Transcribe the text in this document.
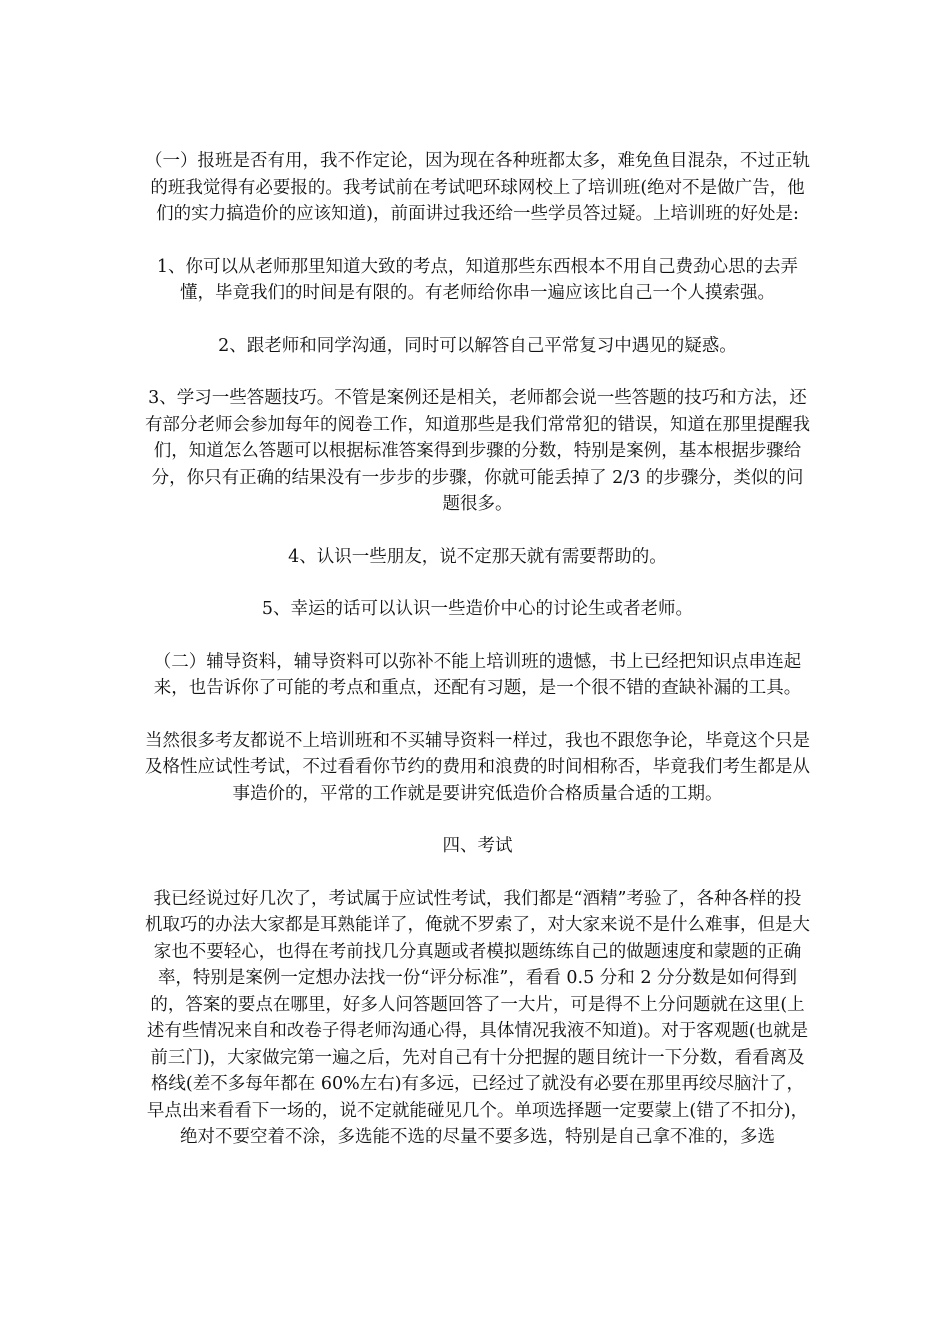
（一）报班是否有用，我不作定论，因为现在各种班都太多，难免鱼目混杂，不过正轨的班我觉得有必要报的。我考试前在考试吧环球网校上了培训班(绝对不是做广告，他们的实力搞造价的应该知道)，前面讲过我还给一些学员答过疑。上培训班的好处是:

1、你可以从老师那里知道大致的考点，知道那些东西根本不用自己费劲心思的去弄懂，毕竟我们的时间是有限的。有老师给你串一遍应该比自己一个人摸索强。

2、跟老师和同学沟通，同时可以解答自己平常复习中遇见的疑惑。

3、学习一些答题技巧。不管是案例还是相关，老师都会说一些答题的技巧和方法，还有部分老师会参加每年的阅卷工作，知道那些是我们常常犯的错误，知道在那里提醒我们，知道怎么答题可以根据标准答案得到步骤的分数，特别是案例，基本根据步骤给分，你只有正确的结果没有一步步的步骤，你就可能丢掉了 2/3 的步骤分，类似的问题很多。

4、认识一些朋友，说不定那天就有需要帮助的。

5、幸运的话可以认识一些造价中心的讨论生或者老师。

（二）辅导资料，辅导资料可以弥补不能上培训班的遗憾，书上已经把知识点串连起来，也告诉你了可能的考点和重点，还配有习题，是一个很不错的查缺补漏的工具。

当然很多考友都说不上培训班和不买辅导资料一样过，我也不跟您争论，毕竟这个只是及格性应试性考试，不过看看你节约的费用和浪费的时间相称否，毕竟我们考生都是从事造价的，平常的工作就是要讲究低造价合格质量合适的工期。

四、考试

我已经说过好几次了，考试属于应试性考试，我们都是“酒精”考验了，各种各样的投机取巧的办法大家都是耳熟能详了，俺就不罗索了，对大家来说不是什么难事，但是大家也不要轻心，也得在考前找几分真题或者模拟题练练自己的做题速度和蒙题的正确率，特别是案例一定想办法找一份“评分标准”，看看 0.5 分和 2 分分数是如何得到的，答案的要点在哪里，好多人问答题回答了一大片，可是得不上分问题就在这里(上述有些情况来自和改卷子得老师沟通心得，具体情况我液不知道)。对于客观题(也就是前三门)，大家做完第一遍之后，先对自己有十分把握的题目统计一下分数，看看离及格线(差不多每年都在 60%左右)有多远，已经过了就没有必要在那里再绞尽脑汁了，早点出来看看下一场的，说不定就能碰见几个。单项选择题一定要蒙上(错了不扣分)，绝对不要空着不涂，多选能不选的尽量不要多选，特别是自己拿不准的，多选
